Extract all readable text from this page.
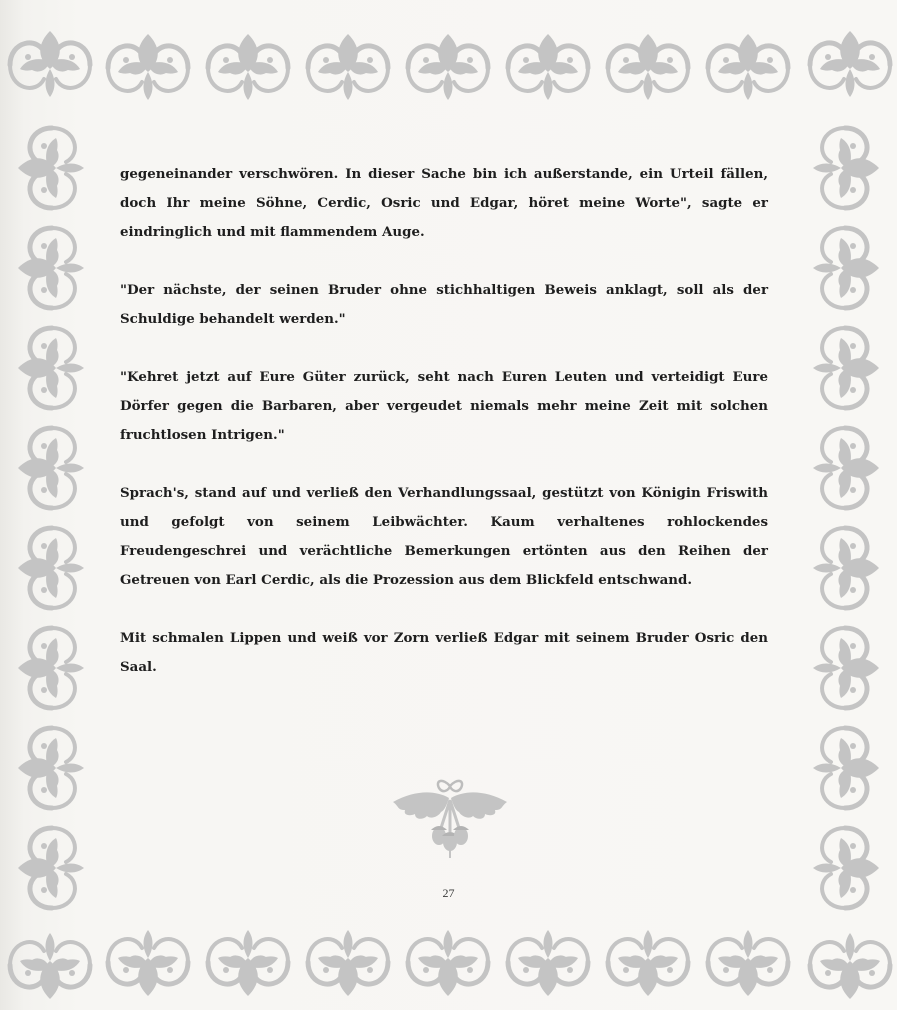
gegeneinander verschwören. In dieser Sache bin ich außerstande, ein Urteil fällen, doch Ihr meine Söhne, Cerdic, Osric und Edgar, höret meine Worte", sagte er eindringlich und mit flammendem Auge.

"Der nächste, der seinen Bruder ohne stichhaltigen Beweis anklagt, soll als der Schuldige behandelt werden."

"Kehret jetzt auf Eure Güter zurück, seht nach Euren Leuten und verteidigt Eure Dörfer gegen die Barbaren, aber vergeudet niemals mehr meine Zeit mit solchen fruchtlosen Intrigen."

Sprach's, stand auf und verließ den Verhandlungssaal, gestützt von Königin Friswith und gefolgt von seinem Leibwächter. Kaum verhaltenes rohlockendes Freudengeschrei und verächtliche Bemerkungen ertönten aus den Reihen der Getreuen von Earl Cerdic, als die Prozession aus dem Blickfeld entschwand.

Mit schmalen Lippen und weiß vor Zorn verließ Edgar mit seinem Bruder Osric den Saal.

27
